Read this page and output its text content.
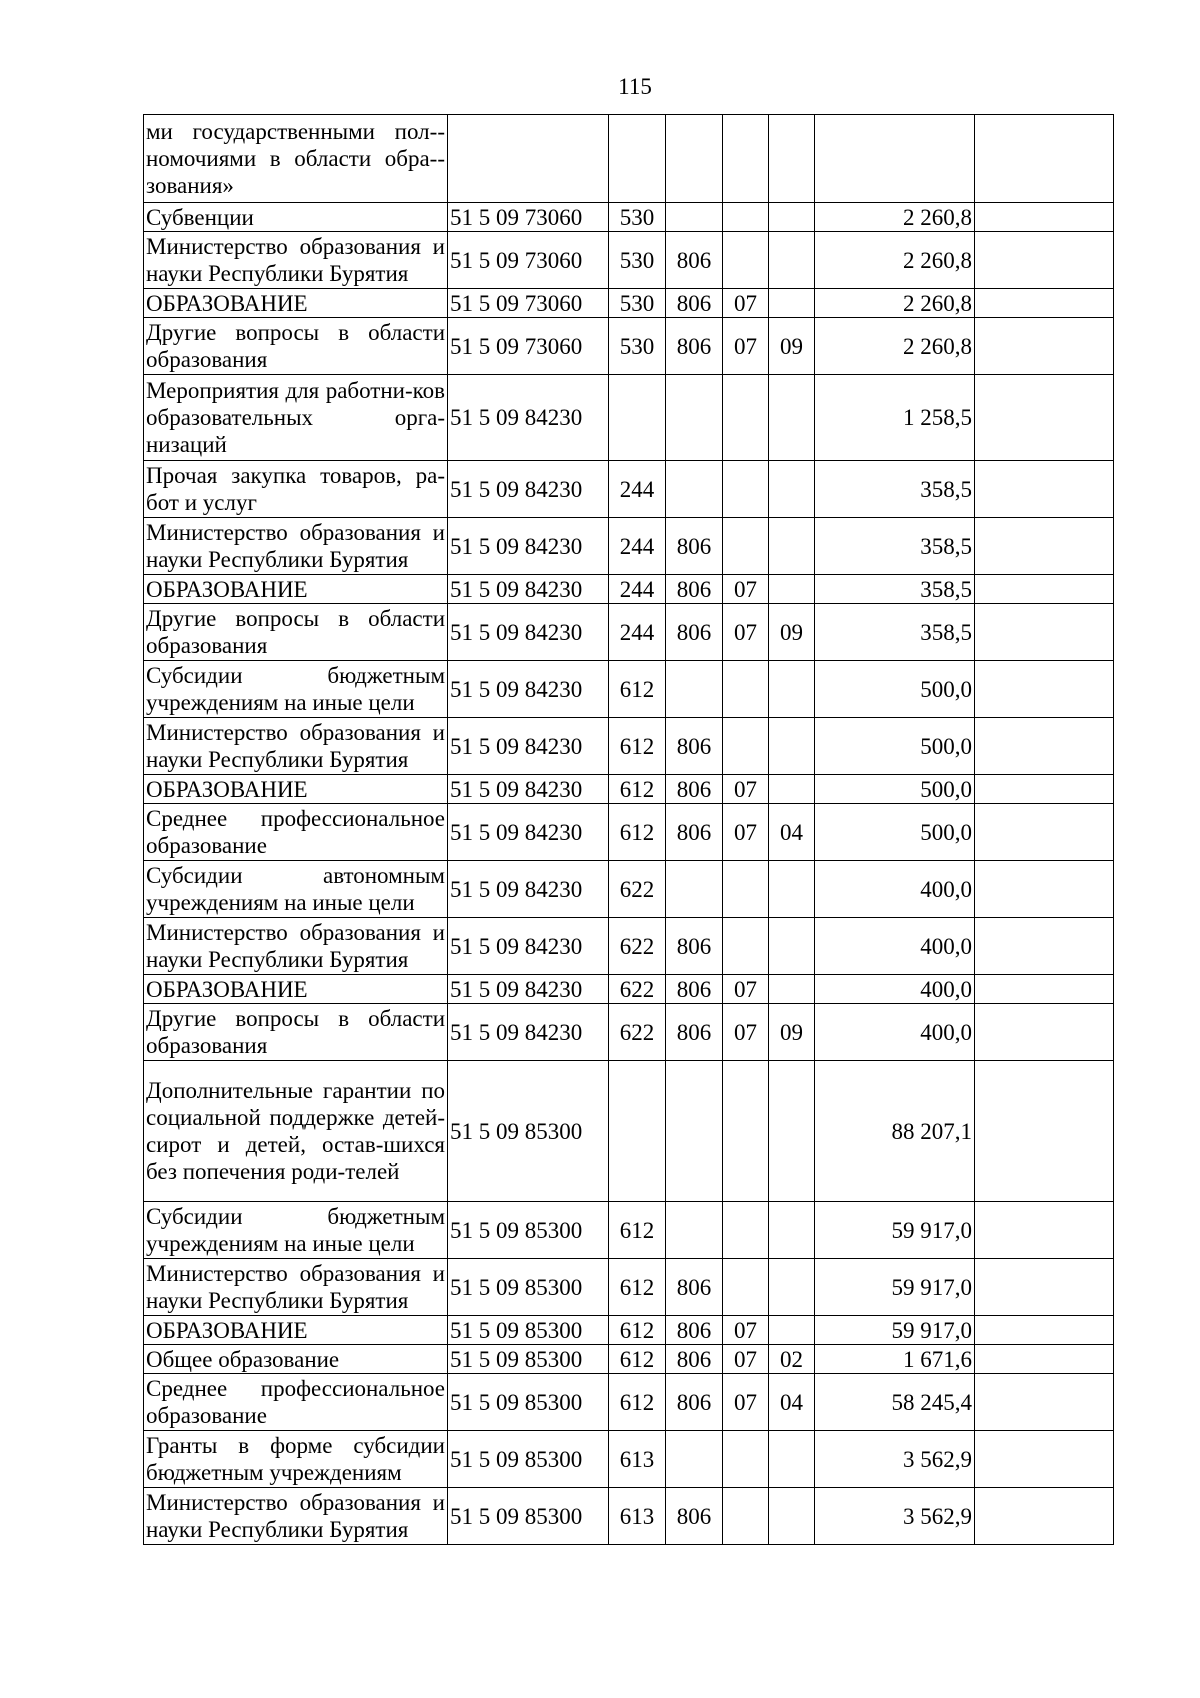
115
ми государственными пол-номочиями в области обра-зования»							
Субвенции	51 5 09 73060	530				2 260,8	
Министерство образования и науки Республики Бурятия	51 5 09 73060	530	806			2 260,8	
ОБРАЗОВАНИЕ	51 5 09 73060	530	806	07		2 260,8	
Другие вопросы в области образования	51 5 09 73060	530	806	07	09	2 260,8	
Мероприятия для работни-ков образовательных орга-низаций	51 5 09 84230					1 258,5	
Прочая закупка товаров, ра-бот и услуг	51 5 09 84230	244				358,5	
Министерство образования и науки Республики Бурятия	51 5 09 84230	244	806			358,5	
ОБРАЗОВАНИЕ	51 5 09 84230	244	806	07		358,5	
Другие вопросы в области образования	51 5 09 84230	244	806	07	09	358,5	
Субсидии бюджетным учреждениям на иные цели	51 5 09 84230	612				500,0	
Министерство образования и науки Республики Бурятия	51 5 09 84230	612	806			500,0	
ОБРАЗОВАНИЕ	51 5 09 84230	612	806	07		500,0	
Среднее профессиональное образование	51 5 09 84230	612	806	07	04	500,0	
Субсидии автономным учреждениям на иные цели	51 5 09 84230	622				400,0	
Министерство образования и науки Республики Бурятия	51 5 09 84230	622	806			400,0	
ОБРАЗОВАНИЕ	51 5 09 84230	622	806	07		400,0	
Другие вопросы в области образования	51 5 09 84230	622	806	07	09	400,0	
Дополнительные гарантии по социальной поддержке детей-сирот и детей, остав-шихся без попечения роди-телей	51 5 09 85300					88 207,1	
Субсидии бюджетным учреждениям на иные цели	51 5 09 85300	612				59 917,0	
Министерство образования и науки Республики Бурятия	51 5 09 85300	612	806			59 917,0	
ОБРАЗОВАНИЕ	51 5 09 85300	612	806	07		59 917,0	
Общее образование	51 5 09 85300	612	806	07	02	1 671,6	
Среднее профессиональное образование	51 5 09 85300	612	806	07	04	58 245,4	
Гранты в форме субсидии бюджетным учреждениям	51 5 09 85300	613				3 562,9	
Министерство образования и науки Республики Бурятия	51 5 09 85300	613	806			3 562,9	
